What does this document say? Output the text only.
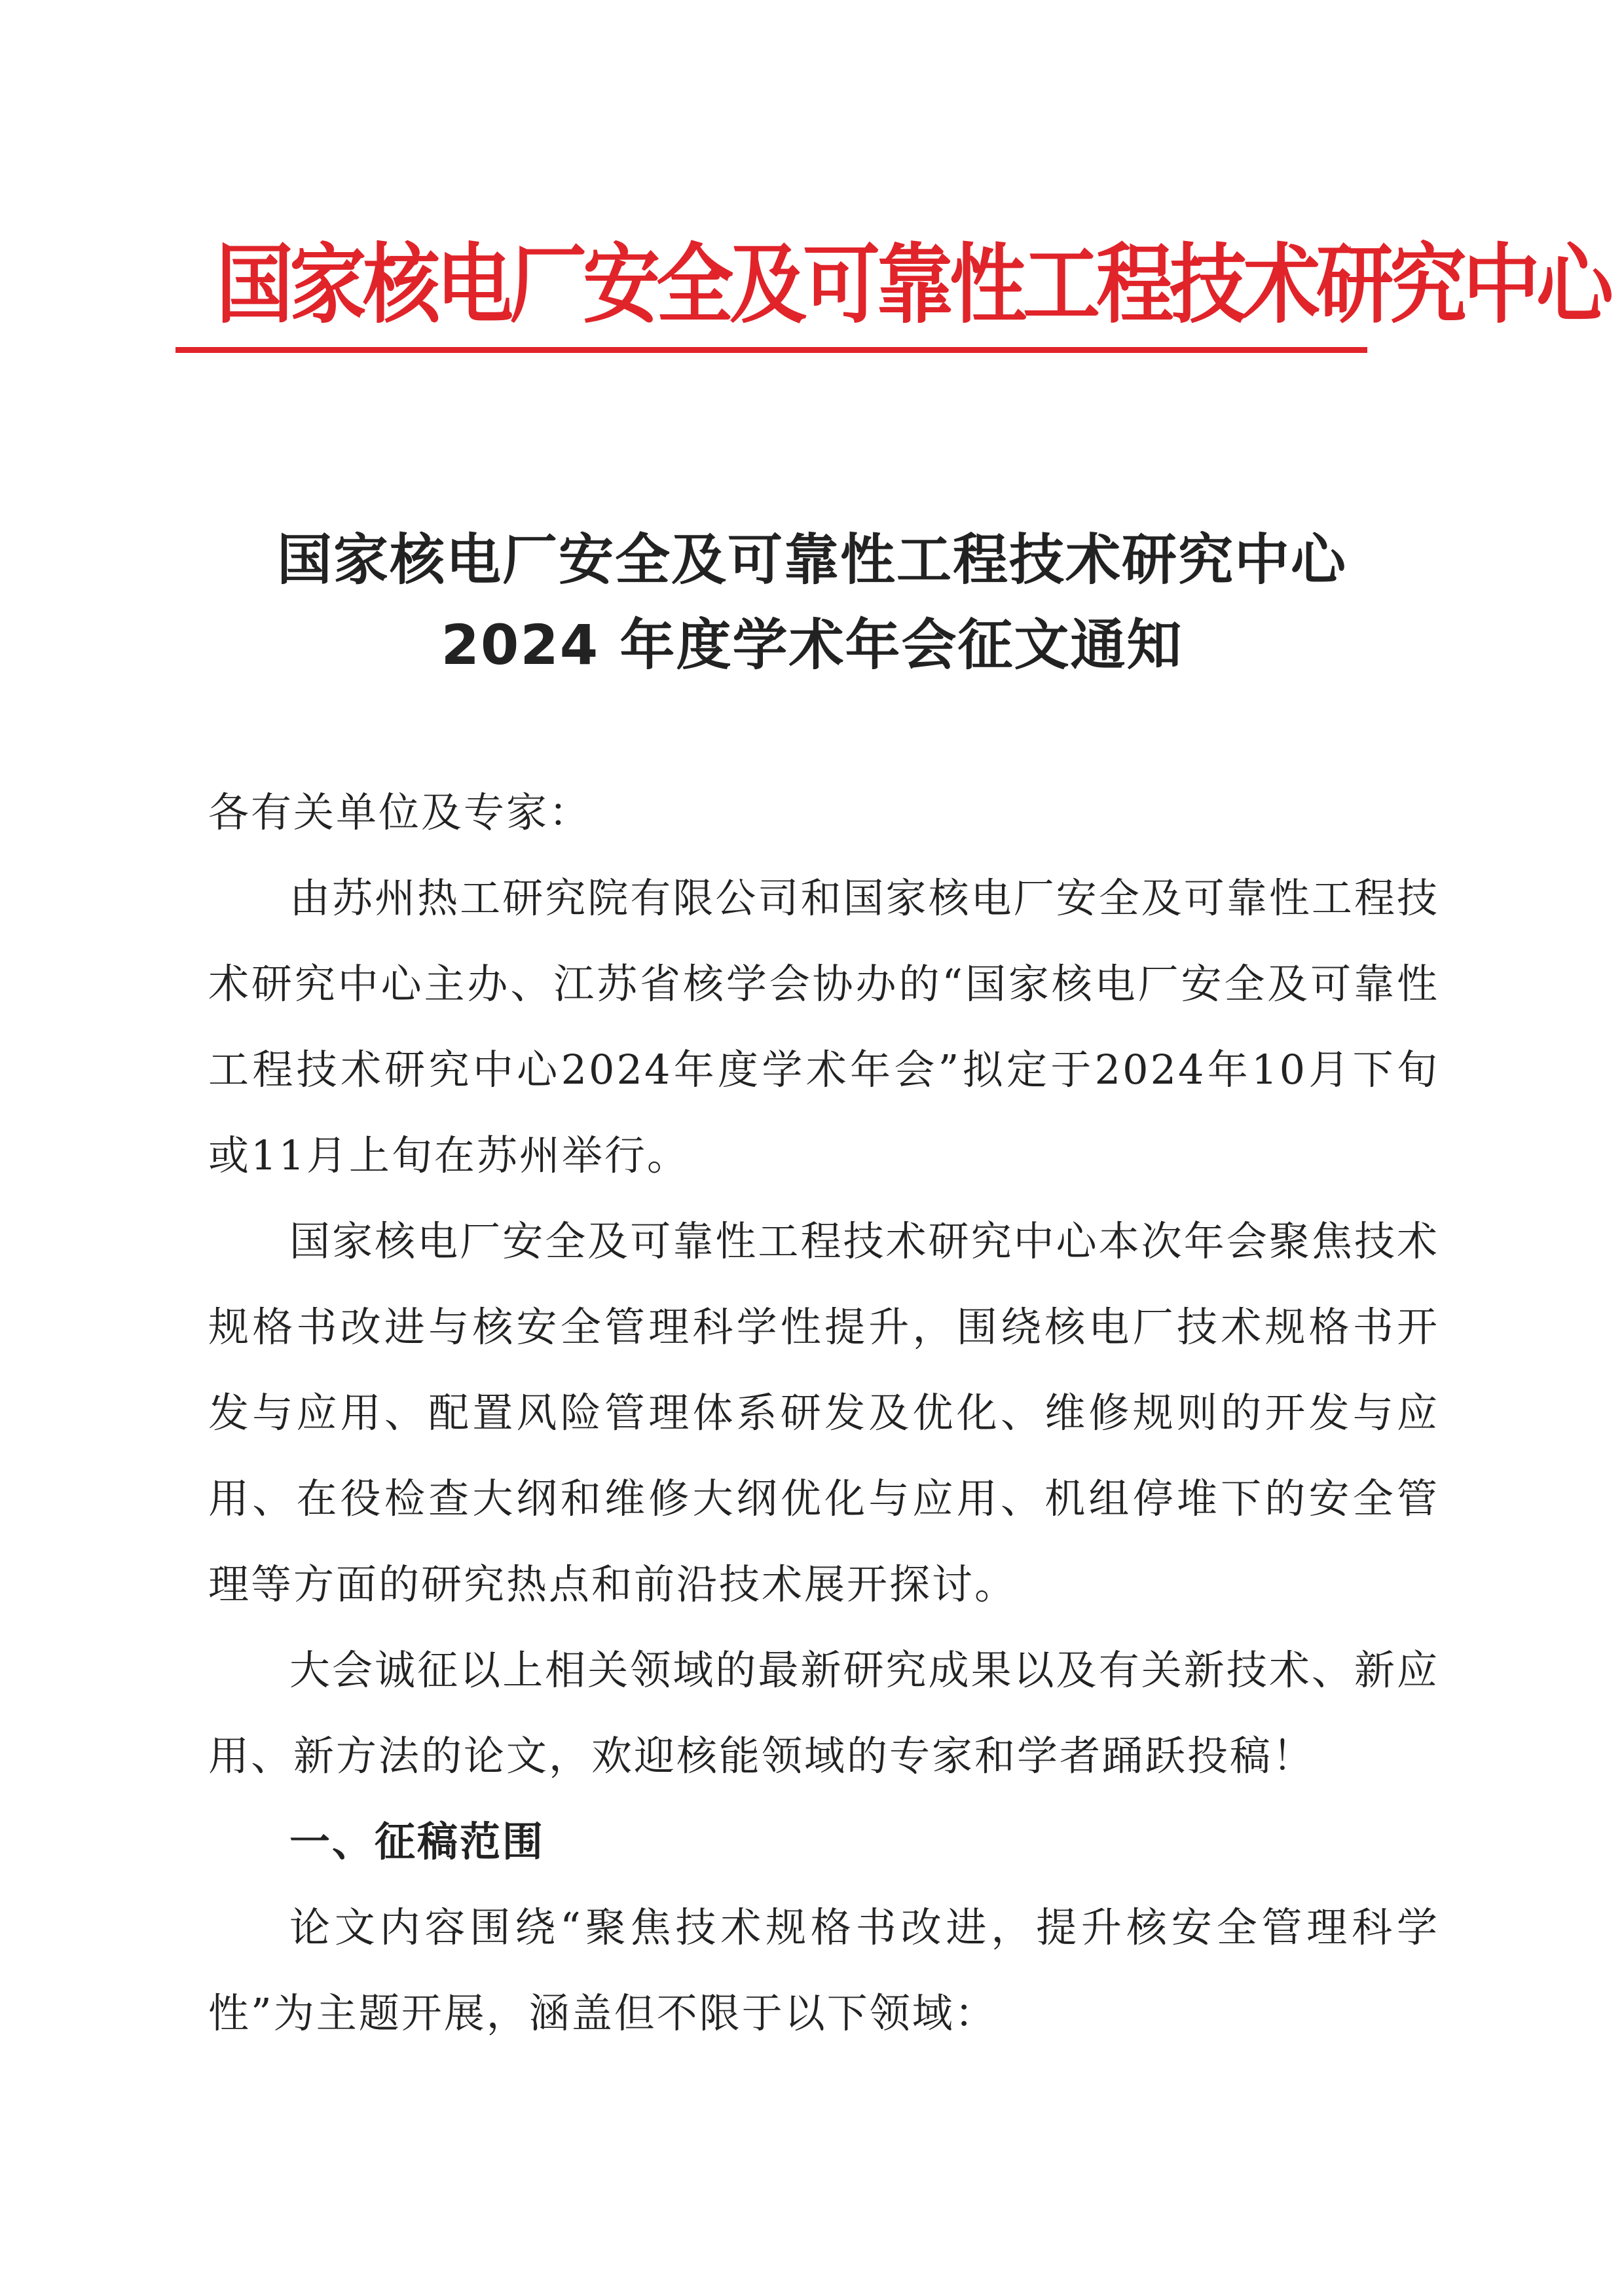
国家核电厂安全及可靠性工程技术研究中心
国家核电厂安全及可靠性工程技术研究中心
2024 年度学术年会征文通知

各有关单位及专家：

由苏州热工研究院有限公司和国家核电厂安全及可靠性工程技术研究中心主办、江苏省核学会协办的“国家核电厂安全及可靠性工程技术研究中心2024年度学术年会”拟定于2024年10月下旬或11月上旬在苏州举行。

国家核电厂安全及可靠性工程技术研究中心本次年会聚焦技术规格书改进与核安全管理科学性提升，围绕核电厂技术规格书开发与应用、配置风险管理体系研发及优化、维修规则的开发与应用、在役检查大纲和维修大纲优化与应用、机组停堆下的安全管理等方面的研究热点和前沿技术展开探讨。

大会诚征以上相关领域的最新研究成果以及有关新技术、新应用、新方法的论文，欢迎核能领域的专家和学者踊跃投稿！

一、征稿范围

论文内容围绕“聚焦技术规格书改进，提升核安全管理科学性”为主题开展，涵盖但不限于以下领域：
